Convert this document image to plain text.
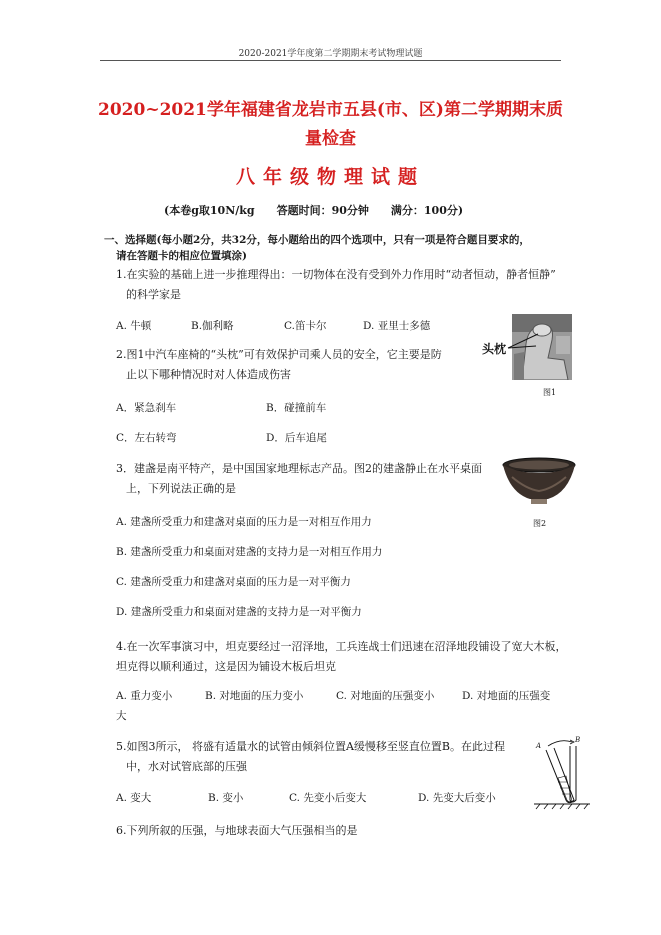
2020-2021学年度第二学期期末考试物理试题
2020~2021学年福建省龙岩市五县(市、区)第二学期期末质
量检查
八年级物理试题
(本卷g取10N/kg 答题时间：90分钟 满分：100分)
一、选择题(每小题2分，共32分，每小题给出的四个选项中，只有一项是符合题目要求的，
请在答题卡的相应位置填涂)
1.在实验的基础上进一步推理得出：一切物体在没有受到外力作用时“动者恒动，静者恒静”
的科学家是
A. 牛顿	B.伽利略	C.笛卡尔	D. 亚里士多德
头枕
图1
2.图1中汽车座椅的“头枕”可有效保护司乘人员的安全，它主要是防
止以下哪种情况时对人体造成伤害
A．紧急刹车	B．碰撞前车
C．左右转弯	D．后车追尾
图2
3．建盏是南平特产，是中国国家地理标志产品。图2的建盏静止在水平桌面
上，下列说法正确的是
A. 建盏所受重力和建盏对桌面的压力是一对相互作用力
B. 建盏所受重力和桌面对建盏的支持力是一对相互作用力
C. 建盏所受重力和建盏对桌面的压力是一对平衡力
D. 建盏所受重力和桌面对建盏的支持力是一对平衡力
4.在一次军事演习中，坦克要经过一沼泽地，工兵连战士们迅速在沼泽地段铺设了宽大木板，
坦克得以顺利通过，这是因为铺设木板后坦克
A. 重力变小	B. 对地面的压力变小	C. 对地面的压强变小	D. 对地面的压强变
大
5.如图3所示， 将盛有适量水的试管由倾斜位置A缓慢移至竖直位置B。在此过程
中，水对试管底部的压强
A. 变大	B. 变小	C. 先变小后变大	D. 先变大后变小
A
B
6.下列所叙的压强，与地球表面大气压强相当的是
